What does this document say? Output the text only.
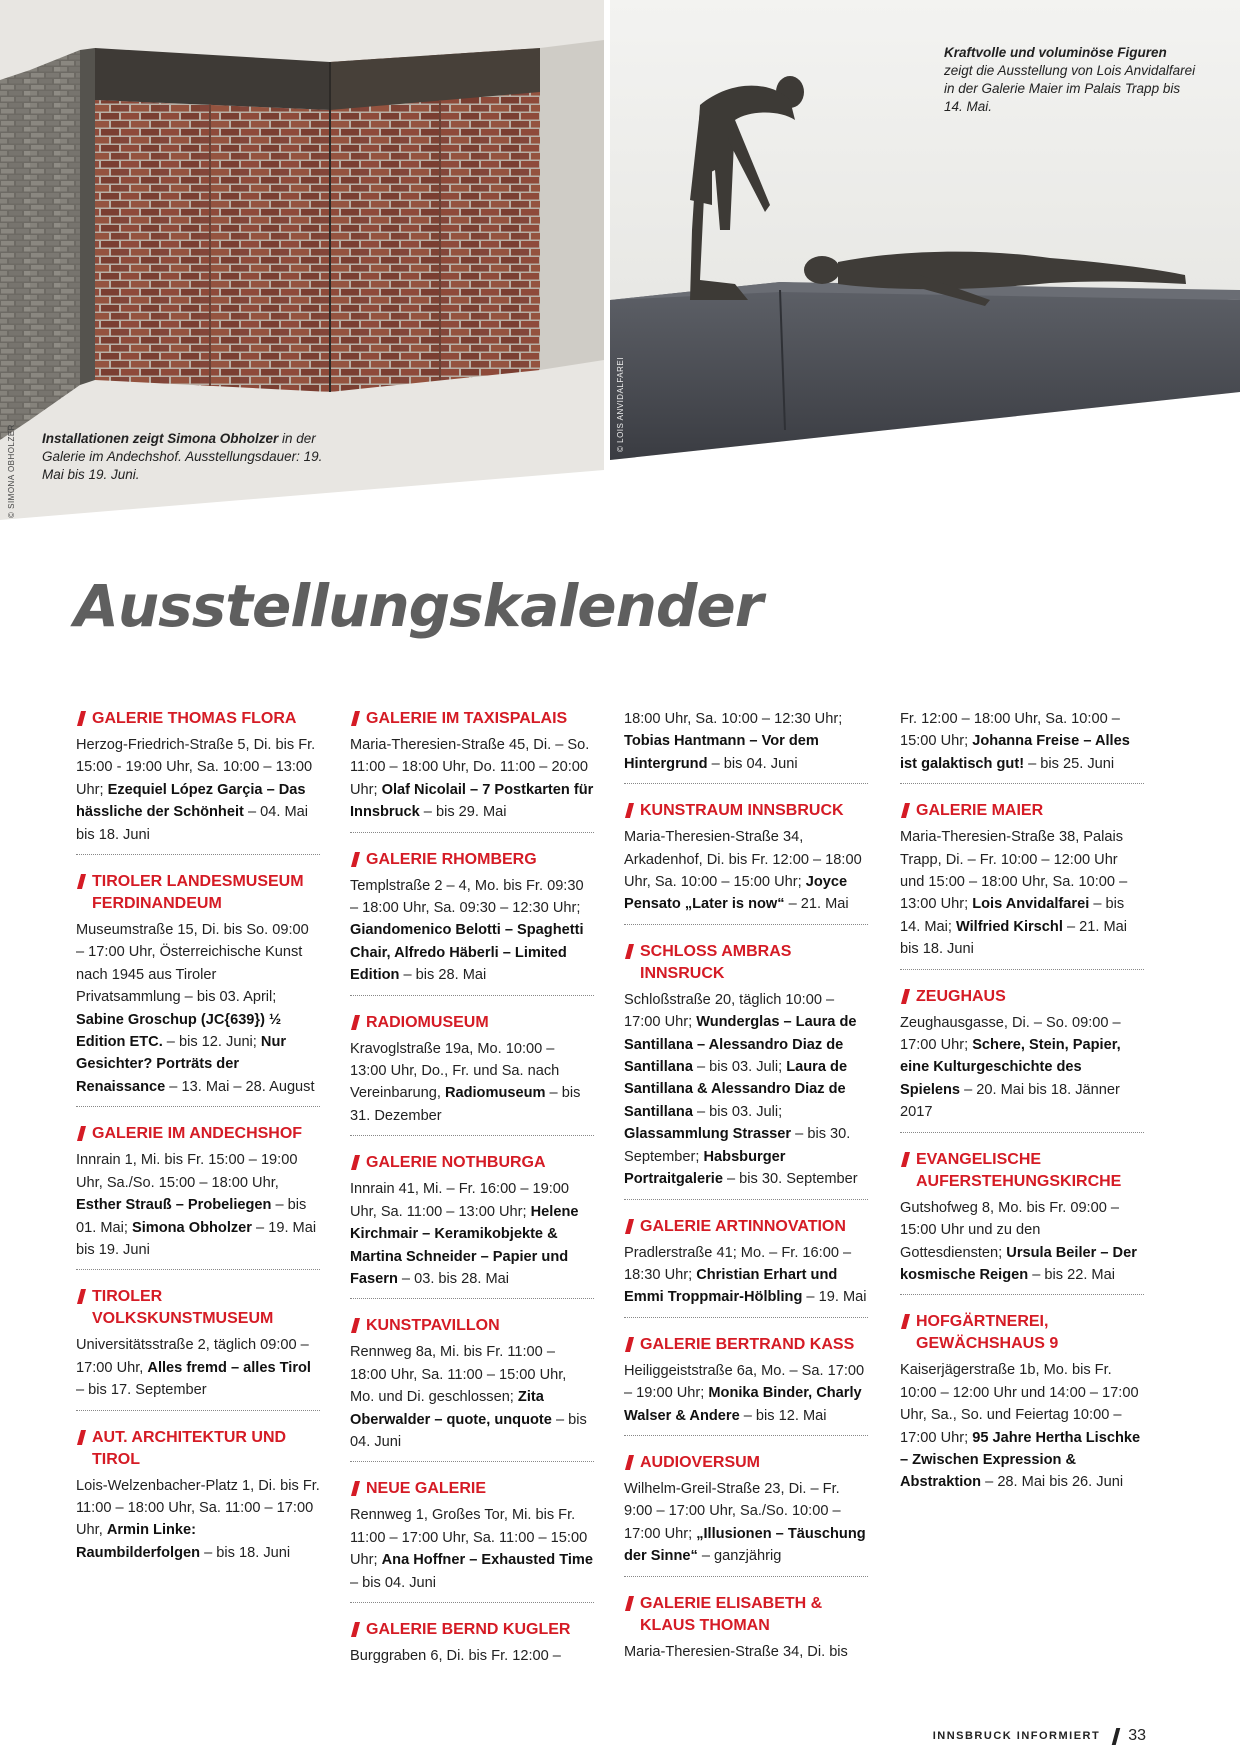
Installationen zeigt Simona Obholzer in der Galerie im Andechshof. Ausstellungsdauer: 19. Mai bis 19. Juni.
Kraftvolle und voluminöse Figuren zeigt die Ausstellung von Lois Anvidalfarei in der Galerie Maier im Palais Trapp bis 14. Mai.
© SIMONA OBHOLZER
© LOIS ANVIDALFAREI
Ausstellungskalender
GALERIE THOMAS FLORA
Herzog-Friedrich-Straße 5, Di. bis Fr. 15:00 - 19:00 Uhr, Sa. 10:00 – 13:00 Uhr; Ezequiel López Garçia – Das hässliche der Schönheit – 04. Mai bis 18. Juni
TIROLER LANDESMUSEUM FERDINANDEUM
Museumstraße 15, Di. bis So. 09:00 – 17:00 Uhr, Österreichische Kunst nach 1945 aus Tiroler Privatsammlung – bis 03. April; Sabine Groschup (JC{639}) ½ Edition ETC. – bis 12. Juni; Nur Gesichter? Porträts der Renaissance – 13. Mai – 28. August
GALERIE IM ANDECHSHOF
Innrain 1, Mi. bis Fr. 15:00 – 19:00 Uhr, Sa./So. 15:00 – 18:00 Uhr, Esther Strauß – Probeliegen – bis 01. Mai; Simona Obholzer – 19. Mai bis 19. Juni
TIROLER VOLKSKUNSTMUSEUM
Universitätsstraße 2, täglich 09:00 – 17:00 Uhr, Alles fremd – alles Tirol – bis 17. September
AUT. ARCHITEKTUR UND TIROL
Lois-Welzenbacher-Platz 1, Di. bis Fr. 11:00 – 18:00 Uhr, Sa. 11:00 – 17:00 Uhr, Armin Linke: Raumbilderfolgen – bis 18. Juni
GALERIE IM TAXISPALAIS
Maria-Theresien-Straße 45, Di. – So. 11:00 – 18:00 Uhr, Do. 11:00 – 20:00 Uhr; Olaf Nicolail – 7 Postkarten für Innsbruck – bis 29. Mai
GALERIE RHOMBERG
Templstraße 2 – 4, Mo. bis Fr. 09:30 – 18:00 Uhr, Sa. 09:30 – 12:30 Uhr; Giandomenico Belotti – Spaghetti Chair, Alfredo Häberli – Limited Edition – bis 28. Mai
RADIOMUSEUM
Kravoglstraße 19a, Mo. 10:00 – 13:00 Uhr, Do., Fr. und Sa. nach Vereinbarung, Radiomuseum – bis 31. Dezember
GALERIE NOTHBURGA
Innrain 41, Mi. – Fr. 16:00 – 19:00 Uhr, Sa. 11:00 – 13:00 Uhr; Helene Kirchmair – Keramikobjekte & Martina Schneider – Papier und Fasern – 03. bis 28. Mai
KUNSTPAVILLON
Rennweg 8a, Mi. bis Fr. 11:00 – 18:00 Uhr, Sa. 11:00 – 15:00 Uhr, Mo. und Di. geschlossen; Zita Oberwalder – quote, unquote – bis 04. Juni
NEUE GALERIE
Rennweg 1, Großes Tor, Mi. bis Fr. 11:00 – 17:00 Uhr, Sa. 11:00 – 15:00 Uhr; Ana Hoffner – Exhausted Time – bis 04. Juni
GALERIE BERND KUGLER
Burggraben 6, Di. bis Fr. 12:00 –
18:00 Uhr, Sa. 10:00 – 12:30 Uhr; Tobias Hantmann – Vor dem Hintergrund – bis 04. Juni
KUNSTRAUM INNSBRUCK
Maria-Theresien-Straße 34, Arkadenhof, Di. bis Fr. 12:00 – 18:00 Uhr, Sa. 10:00 – 15:00 Uhr; Joyce Pensato „Later is now“ – 21. Mai
SCHLOSS AMBRAS INNSRUCK
Schloßstraße 20, täglich 10:00 – 17:00 Uhr; Wunderglas – Laura de Santillana – Alessandro Diaz de Santillana – bis 03. Juli; Laura de Santillana & Alessandro Diaz de Santillana – bis 03. Juli; Glassammlung Strasser – bis 30. September; Habsburger Portraitgalerie – bis 30. September
GALERIE ARTINNOVATION
Pradlerstraße 41; Mo. – Fr. 16:00 – 18:30 Uhr; Christian Erhart und Emmi Troppmair-Hölbling – 19. Mai
GALERIE BERTRAND KASS
Heiliggeiststraße 6a, Mo. – Sa. 17:00 – 19:00 Uhr; Monika Binder, Charly Walser & Andere – bis 12. Mai
AUDIOVERSUM
Wilhelm-Greil-Straße 23, Di. – Fr. 9:00 – 17:00 Uhr, Sa./So. 10:00 – 17:00 Uhr; „Illusionen – Täuschung der Sinne“ – ganzjährig
GALERIE ELISABETH & KLAUS THOMAN
Maria-Theresien-Straße 34, Di. bis
Fr. 12:00 – 18:00 Uhr, Sa. 10:00 – 15:00 Uhr; Johanna Freise – Alles ist galaktisch gut! – bis 25. Juni
GALERIE MAIER
Maria-Theresien-Straße 38, Palais Trapp, Di. – Fr. 10:00 – 12:00 Uhr und 15:00 – 18:00 Uhr, Sa. 10:00 – 13:00 Uhr; Lois Anvidalfarei – bis 14. Mai; Wilfried Kirschl – 21. Mai bis 18. Juni
ZEUGHAUS
Zeughausgasse, Di. – So. 09:00 – 17:00 Uhr; Schere, Stein, Papier, eine Kulturgeschichte des Spielens – 20. Mai bis 18. Jänner 2017
EVANGELISCHE AUFERSTEHUNGSKIRCHE
Gutshofweg 8, Mo. bis Fr. 09:00 – 15:00 Uhr und zu den Gottesdiensten; Ursula Beiler – Der kosmische Reigen – bis 22. Mai
HOFGÄRTNEREI, GEWÄCHSHAUS 9
Kaiserjägerstraße 1b, Mo. bis Fr. 10:00 – 12:00 Uhr und 14:00 – 17:00 Uhr, Sa., So. und Feiertag 10:00 – 17:00 Uhr; 95 Jahre Hertha Lischke – Zwischen Expression & Abstraktion – 28. Mai bis 26. Juni
INNSBRUCK INFORMIERT 33
